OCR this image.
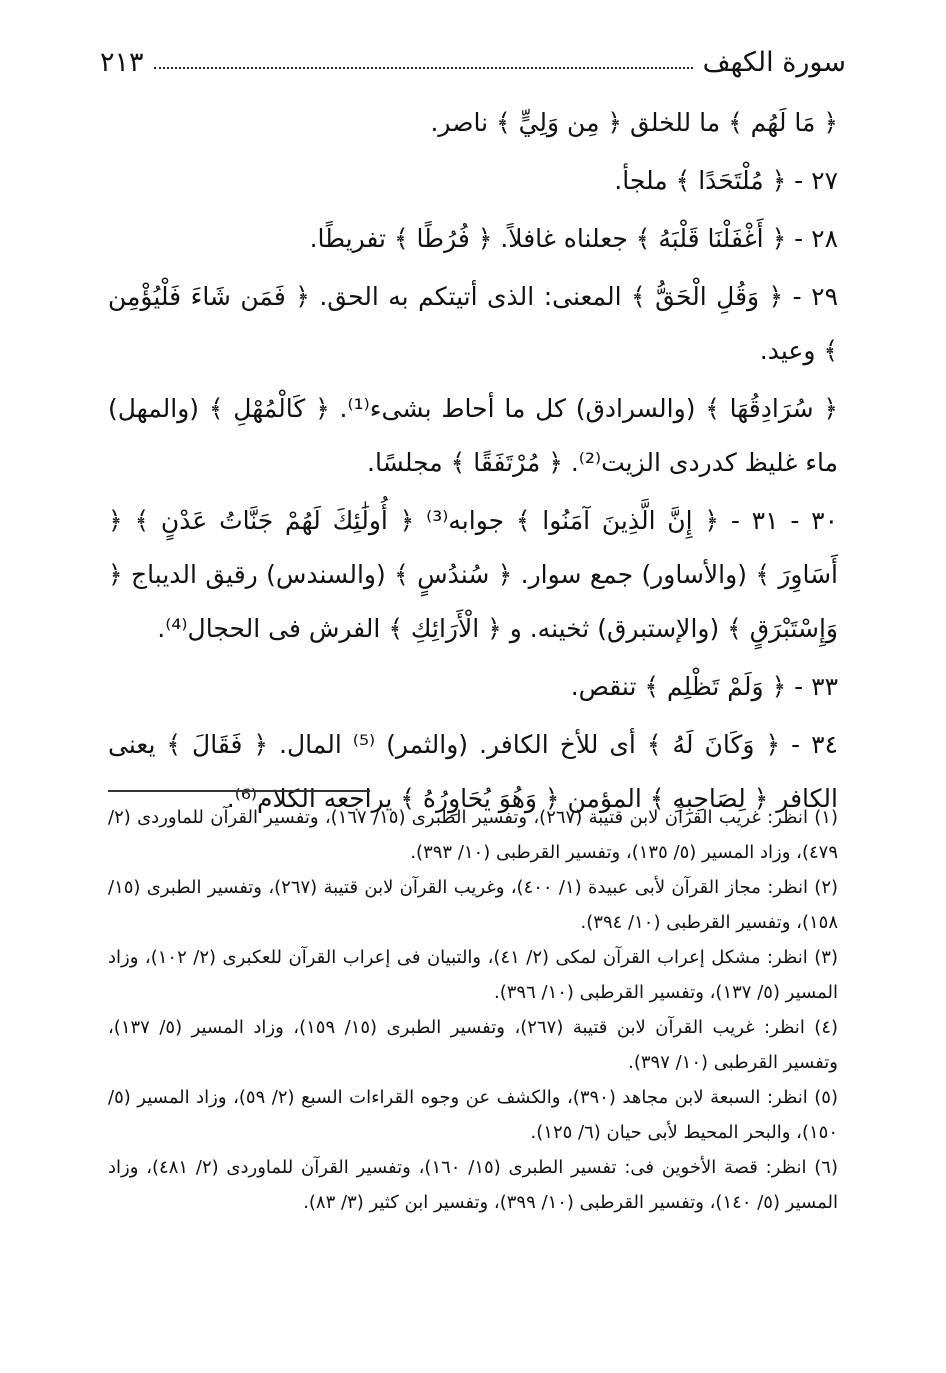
سورة الكهف
٢١٣

﴿ مَا لَهُم ﴾ ما للخلق ﴿ مِن وَلِيٍّ ﴾ ناصر.

٢٧ - ﴿ مُلْتَحَدًا ﴾ ملجأ.

٢٨ - ﴿ أَغْفَلْنَا قَلْبَهُ ﴾ جعلناه غافلاً. ﴿ فُرُطًا ﴾ تفريطًا.

٢٩ - ﴿ وَقُلِ الْحَقُّ ﴾ المعنى: الذى أتيتكم به الحق. ﴿ فَمَن شَاءَ فَلْيُؤْمِن ﴾ وعيد.

﴿ سُرَادِقُهَا ﴾ (والسرادق) كل ما أحاط بشىء⁽¹⁾. ﴿ كَالْمُهْلِ ﴾ (والمهل) ماء غليظ كدردى الزيت⁽²⁾. ﴿ مُرْتَفَقًا ﴾ مجلسًا.

٣٠ - ٣١ - ﴿ إِنَّ الَّذِينَ آمَنُوا ﴾ جوابه⁽³⁾ ﴿ أُولَٰئِكَ لَهُمْ جَنَّاتُ عَدْنٍ ﴾ ﴿ أَسَاوِرَ ﴾ (والأساور) جمع سوار. ﴿ سُندُسٍ ﴾ (والسندس) رقيق الديباج ﴿ وَإِسْتَبْرَقٍ ﴾ (والإستبرق) ثخينه. و ﴿ الْأَرَائِكِ ﴾ الفرش فى الحجال⁽⁴⁾.

٣٣ - ﴿ وَلَمْ تَظْلِم ﴾ تنقص.

٣٤ - ﴿ وَكَانَ لَهُ ﴾ أى للأخ الكافر. (والثمر) ⁽⁵⁾ المال. ﴿ فَقَالَ ﴾ يعنى الكافر ﴿ لِصَاحِبِهِ ﴾ المؤمن ﴿ وَهُوَ يُحَاوِرُهُ ﴾ يراجعه الكلام⁽⁶⁾.

(١) انظر: غريب القرآن لابن قتيبة (٢٦٧)، وتفسير الطبرى (١٥/ ١٦٧)، وتفسير القرآن للماوردى (٢/ ٤٧٩)، وزاد المسير (٥/ ١٣٥)، وتفسير القرطبى (١٠/ ٣٩٣).

(٢) انظر: مجاز القرآن لأبى عبيدة (١/ ٤٠٠)، وغريب القرآن لابن قتيبة (٢٦٧)، وتفسير الطبرى (١٥/ ١٥٨)، وتفسير القرطبى (١٠/ ٣٩٤).

(٣) انظر: مشكل إعراب القرآن لمكى (٢/ ٤١)، والتبيان فى إعراب القرآن للعكبرى (٢/ ١٠٢)، وزاد المسير (٥/ ١٣٧)، وتفسير القرطبى (١٠/ ٣٩٦).

(٤) انظر: غريب القرآن لابن قتيبة (٢٦٧)، وتفسير الطبرى (١٥/ ١٥٩)، وزاد المسير (٥/ ١٣٧)، وتفسير القرطبى (١٠/ ٣٩٧).

(٥) انظر: السبعة لابن مجاهد (٣٩٠)، والكشف عن وجوه القراءات السبع (٢/ ٥٩)، وزاد المسير (٥/ ١٥٠)، والبحر المحيط لأبى حيان (٦/ ١٢٥).

(٦) انظر: قصة الأخوين فى: تفسير الطبرى (١٥/ ١٦٠)، وتفسير القرآن للماوردى (٢/ ٤٨١)، وزاد المسير (٥/ ١٤٠)، وتفسير القرطبى (١٠/ ٣٩٩)، وتفسير ابن كثير (٣/ ٨٣).
